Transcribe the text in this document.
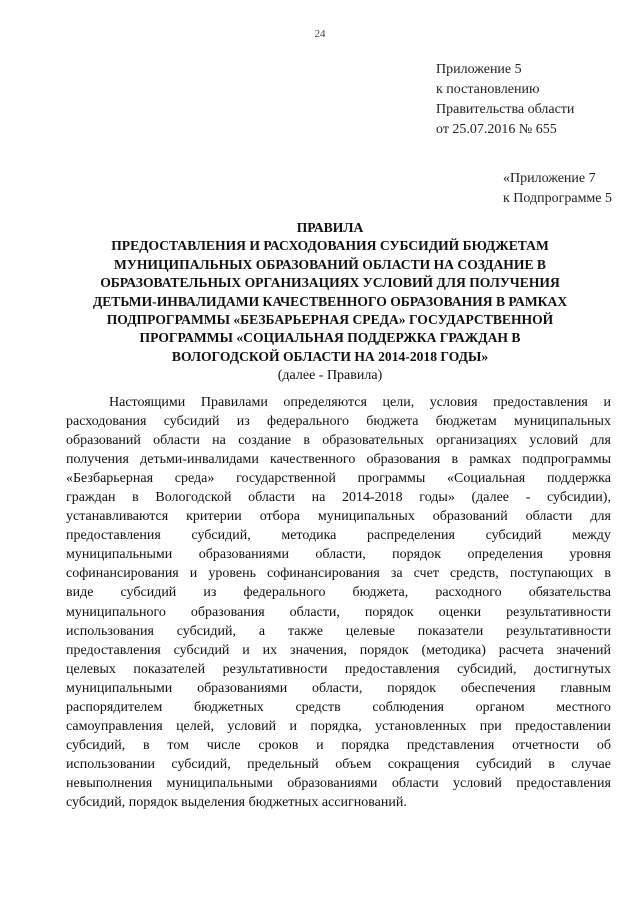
24
Приложение 5
к постановлению
Правительства области
от 25.07.2016 № 655
«Приложение 7
к Подпрограмме 5
ПРАВИЛА
ПРЕДОСТАВЛЕНИЯ И РАСХОДОВАНИЯ СУБСИДИЙ БЮДЖЕТАМ
МУНИЦИПАЛЬНЫХ ОБРАЗОВАНИЙ ОБЛАСТИ НА СОЗДАНИЕ В
ОБРАЗОВАТЕЛЬНЫХ ОРГАНИЗАЦИЯХ УСЛОВИЙ ДЛЯ ПОЛУЧЕНИЯ
ДЕТЬМИ-ИНВАЛИДАМИ КАЧЕСТВЕННОГО ОБРАЗОВАНИЯ В РАМКАХ
ПОДПРОГРАММЫ «БЕЗБАРЬЕРНАЯ СРЕДА» ГОСУДАРСТВЕННОЙ
ПРОГРАММЫ «СОЦИАЛЬНАЯ ПОДДЕРЖКА ГРАЖДАН В
ВОЛОГОДСКОЙ ОБЛАСТИ НА 2014-2018 ГОДЫ»
(далее - Правила)
Настоящими Правилами определяются цели, условия предоставления и
расходования субсидий из федерального бюджета бюджетам муниципальных
образований области на создание в образовательных организациях условий для
получения детьми-инвалидами качественного образования в рамках подпрограммы
«Безбарьерная среда» государственной программы «Социальная поддержка
граждан в Вологодской области на 2014-2018 годы» (далее - субсидии),
устанавливаются критерии отбора муниципальных образований области для
предоставления субсидий, методика распределения субсидий между
муниципальными образованиями области, порядок определения уровня
софинансирования и уровень софинансирования за счет средств, поступающих в
виде субсидий из федерального бюджета, расходного обязательства
муниципального образования области, порядок оценки результативности
использования субсидий, а также целевые показатели результативности
предоставления субсидий и их значения, порядок (методика) расчета значений
целевых показателей результативности предоставления субсидий, достигнутых
муниципальными образованиями области, порядок обеспечения главным
распорядителем бюджетных средств соблюдения органом местного
самоуправления целей, условий и порядка, установленных при предоставлении
субсидий, в том числе сроков и порядка представления отчетности об
использовании субсидий, предельный объем сокращения субсидий в случае
невыполнения муниципальными образованиями области условий предоставления
субсидий, порядок выделения бюджетных ассигнований.
